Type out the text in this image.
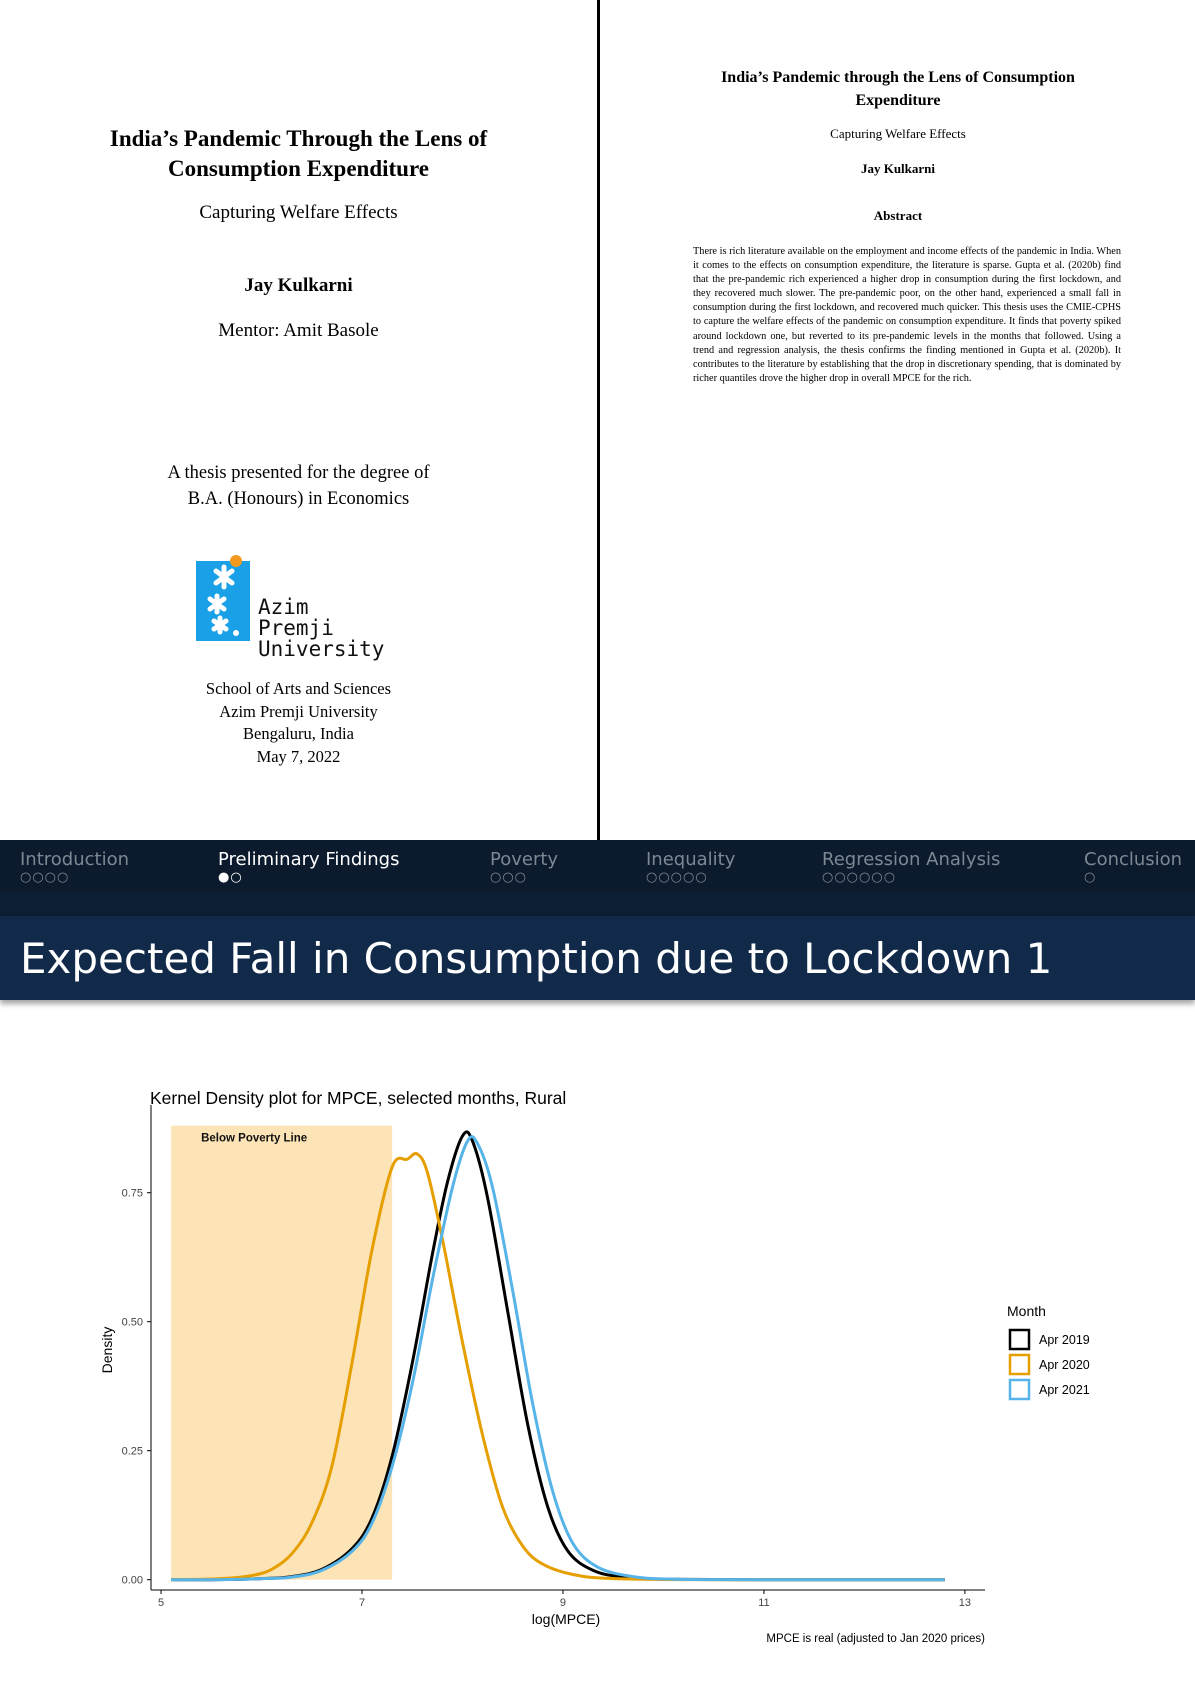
India’s Pandemic Through the Lens of
Consumption Expenditure
Capturing Welfare Effects
Jay Kulkarni
Mentor: Amit Basole
A thesis presented for the degree of
B.A. (Honours) in Economics
Azim Premji
University
School of Arts and Sciences
Azim Premji University
Bengaluru, India
May 7, 2022
India’s Pandemic through the Lens of Consumption
Expenditure
Capturing Welfare Effects
Jay Kulkarni
Abstract
There is rich literature available on the employment and income effects of the pandemic in India. When it comes to the effects on consumption expenditure, the literature is sparse. Gupta et al. (2020b) find that the pre-pandemic rich experienced a higher drop in consumption during the first lockdown, and they recovered much slower. The pre-pandemic poor, on the other hand, experienced a small fall in consumption during the first lockdown, and recovered much quicker. This thesis uses the CMIE-CPHS to capture the welfare effects of the pandemic on consumption expenditure. It finds that poverty spiked around lockdown one, but reverted to its pre-pandemic levels in the months that followed. Using a trend and regression analysis, the thesis confirms the finding mentioned in Gupta et al. (2020b). It contributes to the literature by establishing that the drop in discretionary spending, that is dominated by richer quantiles drove the higher drop in overall MPCE for the rich.
Introduction
○○○○
Preliminary Findings
●○
Poverty
○○○
Inequality
○○○○○
Regression Analysis
○○○○○○
Conclusion
○
Expected Fall in Consumption due to Lockdown 1
Kernel Density plot for MPCE, selected months, Rural
Below Poverty Line
0.00
0.25
0.50
0.75
5	7	9	11	13
log(MPCE)
Density
Month
Apr 2019
Apr 2020
Apr 2021
MPCE is real (adjusted to Jan 2020 prices)
